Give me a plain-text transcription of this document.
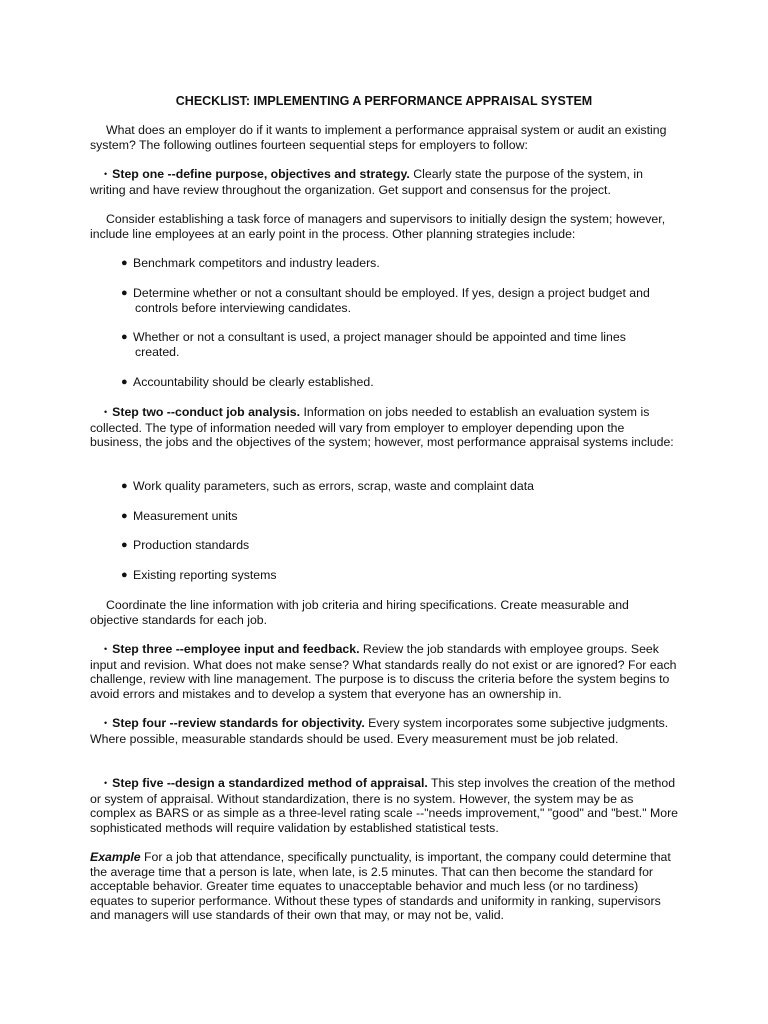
CHECKLIST: IMPLEMENTING A PERFORMANCE APPRAISAL SYSTEM

What does an employer do if it wants to implement a performance appraisal system or audit an existing system? The following outlines fourteen sequential steps for employers to follow:

• Step one --define purpose, objectives and strategy. Clearly state the purpose of the system, in writing and have review throughout the organization. Get support and consensus for the project.

Consider establishing a task force of managers and supervisors to initially design the system; however, include line employees at an early point in the process. Other planning strategies include:

● Benchmark competitors and industry leaders.
● Determine whether or not a consultant should be employed. If yes, design a project budget and
controls before interviewing candidates.
● Whether or not a consultant is used, a project manager should be appointed and time lines
created.
● Accountability should be clearly established.

• Step two --conduct job analysis. Information on jobs needed to establish an evaluation system is collected. The type of information needed will vary from employer to employer depending upon the business, the jobs and the objectives of the system; however, most performance appraisal systems include:

● Work quality parameters, such as errors, scrap, waste and complaint data
● Measurement units
● Production standards
● Existing reporting systems

Coordinate the line information with job criteria and hiring specifications. Create measurable and objective standards for each job.

• Step three --employee input and feedback. Review the job standards with employee groups. Seek input and revision. What does not make sense? What standards really do not exist or are ignored? For each challenge, review with line management. The purpose is to discuss the criteria before the system begins to avoid errors and mistakes and to develop a system that everyone has an ownership in.

• Step four --review standards for objectivity. Every system incorporates some subjective judgments. Where possible, measurable standards should be used. Every measurement must be job related.

• Step five --design a standardized method of appraisal. This step involves the creation of the method or system of appraisal. Without standardization, there is no system. However, the system may be as complex as BARS or as simple as a three-level rating scale --"needs improvement," "good" and "best." More sophisticated methods will require validation by established statistical tests.

Example For a job that attendance, specifically punctuality, is important, the company could determine that the average time that a person is late, when late, is 2.5 minutes. That can then become the standard for acceptable behavior. Greater time equates to unacceptable behavior and much less (or no tardiness) equates to superior performance. Without these types of standards and uniformity in ranking, supervisors and managers will use standards of their own that may, or may not be, valid.
